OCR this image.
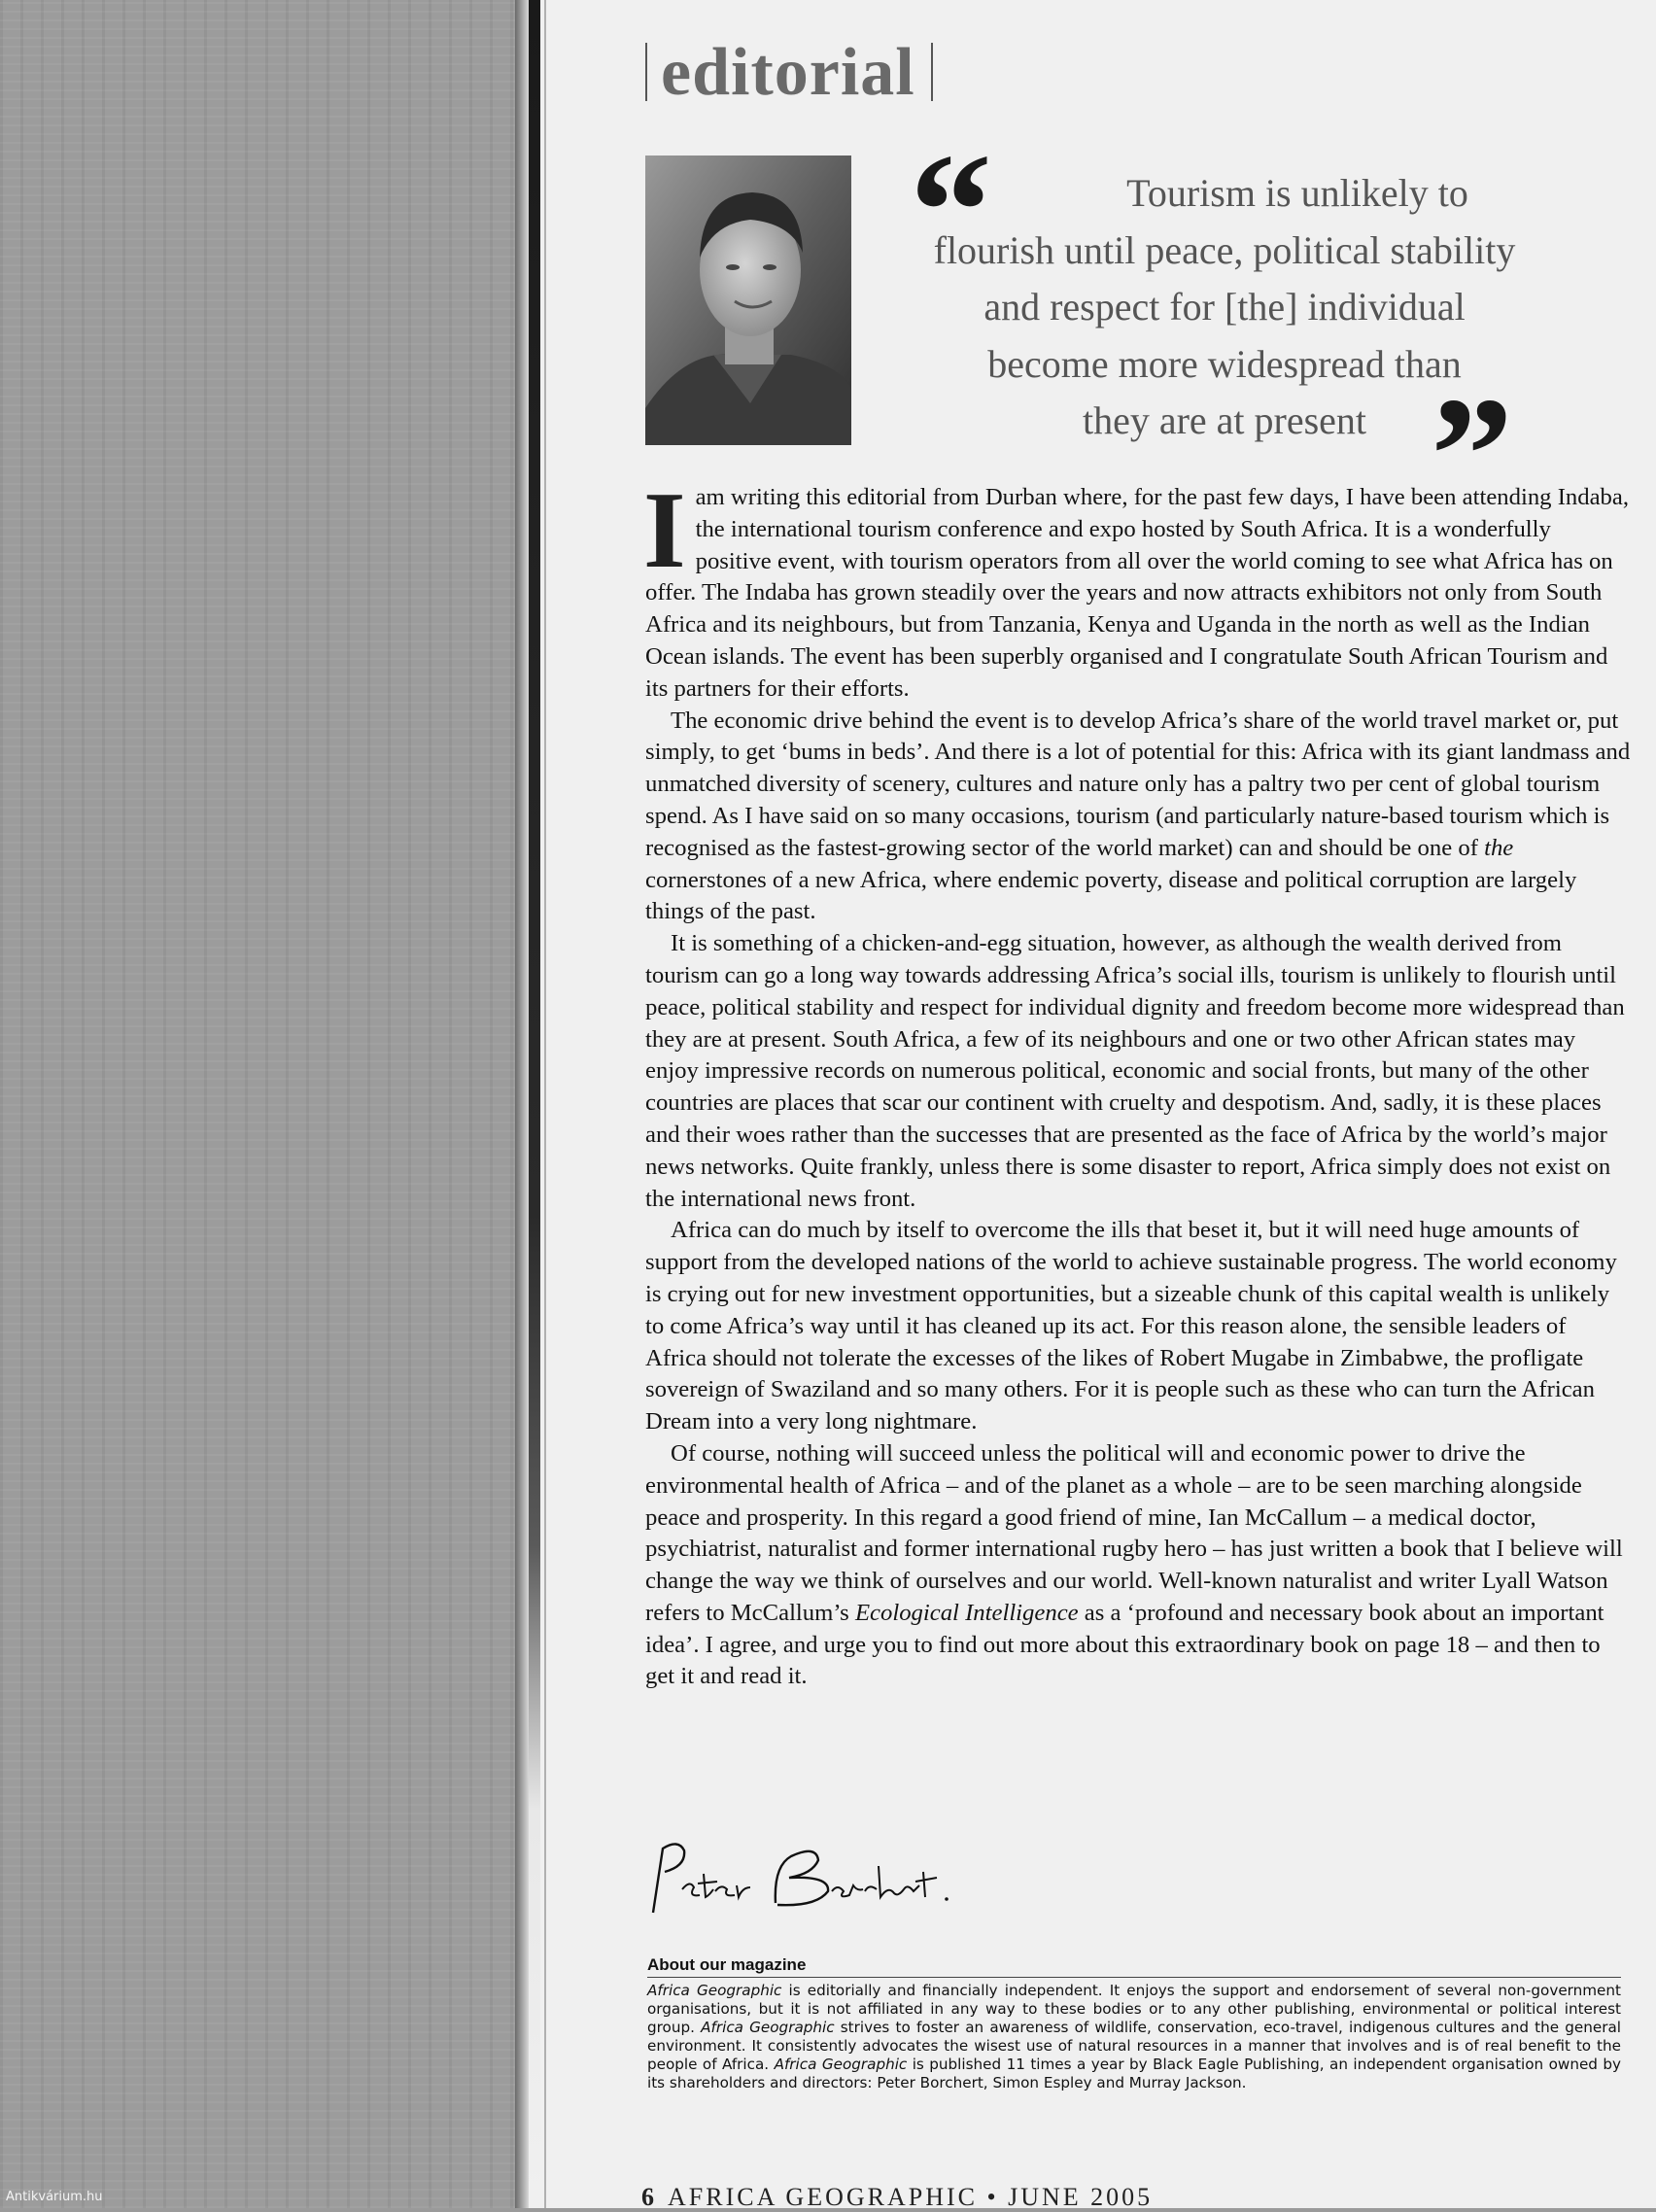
editorial
“	Tourism is unlikely to
flourish until peace, political stability
and respect for [the] individual
become more widespread than
they are at present ”

Iam writing this editorial from Durban where, for the past few days, I have been attending Indaba, the international tourism conference and expo hosted by South Africa. It is a wonderfully positive event, with tourism operators from all over the world coming to see what Africa has on offer. The Indaba has grown steadily over the years and now attracts exhibitors not only from South Africa and its neighbours, but from Tanzania, Kenya and Uganda in the north as well as the Indian Ocean islands. The event has been superbly organised and I congratulate South African Tourism and its partners for their efforts.

The economic drive behind the event is to develop Africa’s share of the world travel market or, put simply, to get ‘bums in beds’. And there is a lot of potential for this: Africa with its giant landmass and unmatched diversity of scenery, cultures and nature only has a paltry two per cent of global tourism spend. As I have said on so many occasions, tourism (and particularly nature-based tourism which is recognised as the fastest-growing sector of the world market) can and should be one of the cornerstones of a new Africa, where endemic poverty, disease and political corruption are largely things of the past.

It is something of a chicken-and-egg situation, however, as although the wealth derived from tourism can go a long way towards addressing Africa’s social ills, tourism is unlikely to flourish until peace, political stability and respect for individual dignity and freedom become more widespread than they are at present. South Africa, a few of its neighbours and one or two other African states may enjoy impressive records on numerous political, economic and social fronts, but many of the other countries are places that scar our continent with cruelty and despotism. And, sadly, it is these places and their woes rather than the successes that are presented as the face of Africa by the world’s major news networks. Quite frankly, unless there is some disaster to report, Africa simply does not exist on the international news front.

Africa can do much by itself to overcome the ills that beset it, but it will need huge amounts of support from the developed nations of the world to achieve sustainable progress. The world economy is crying out for new investment opportunities, but a sizeable chunk of this capital wealth is unlikely to come Africa’s way until it has cleaned up its act. For this reason alone, the sensible leaders of Africa should not tolerate the excesses of the likes of Robert Mugabe in Zimbabwe, the profligate sovereign of Swaziland and so many others. For it is people such as these who can turn the African Dream into a very long nightmare.

Of course, nothing will succeed unless the political will and economic power to drive the environmental health of Africa – and of the planet as a whole – are to be seen marching alongside peace and prosperity. In this regard a good friend of mine, Ian McCallum – a medical doctor, psychiatrist, naturalist and former international rugby hero – has just written a book that I believe will change the way we think of ourselves and our world. Well-known naturalist and writer Lyall Watson refers to McCallum’s Ecological Intelligence as a ‘profound and necessary book about an important idea’. I agree, and urge you to find out more about this extraordinary book on page 18 – and then to get it and read it.

About our magazine
Africa Geographic is editorially and financially independent. It enjoys the support and endorsement of several non-government organisations, but it is not affiliated in any way to these bodies or to any other publishing, environmental or political interest group. Africa Geographic strives to foster an awareness of wildlife, conservation, eco-travel, indigenous cultures and the general environment. It consistently advocates the wisest use of natural resources in a manner that involves and is of real benefit to the people of Africa. Africa Geographic is published 11 times a year by Black Eagle Publishing, an independent organisation owned by its shareholders and directors: Peter Borchert, Simon Espley and Murray Jackson.
6 AFRICA GEOGRAPHIC • JUNE 2005
Antikvárium.hu
